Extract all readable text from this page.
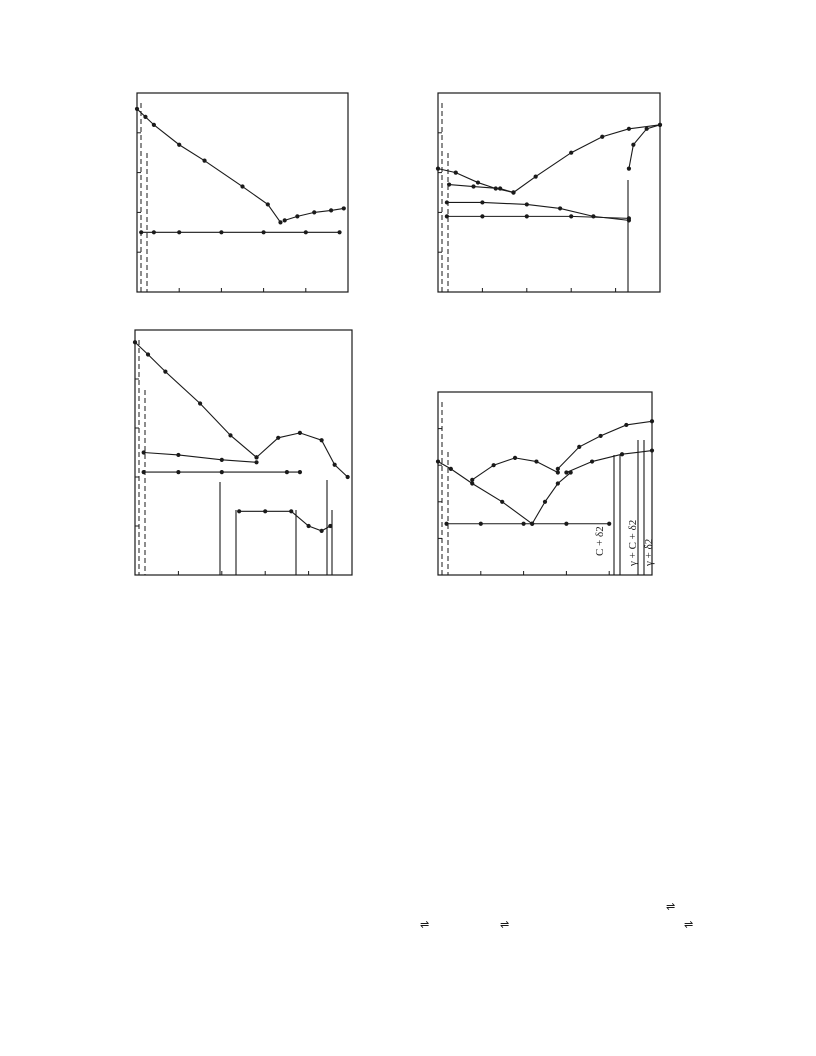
C + δ2 γ + C + δ2 γ + δ2
⇌	⇌
⇌
⇌
